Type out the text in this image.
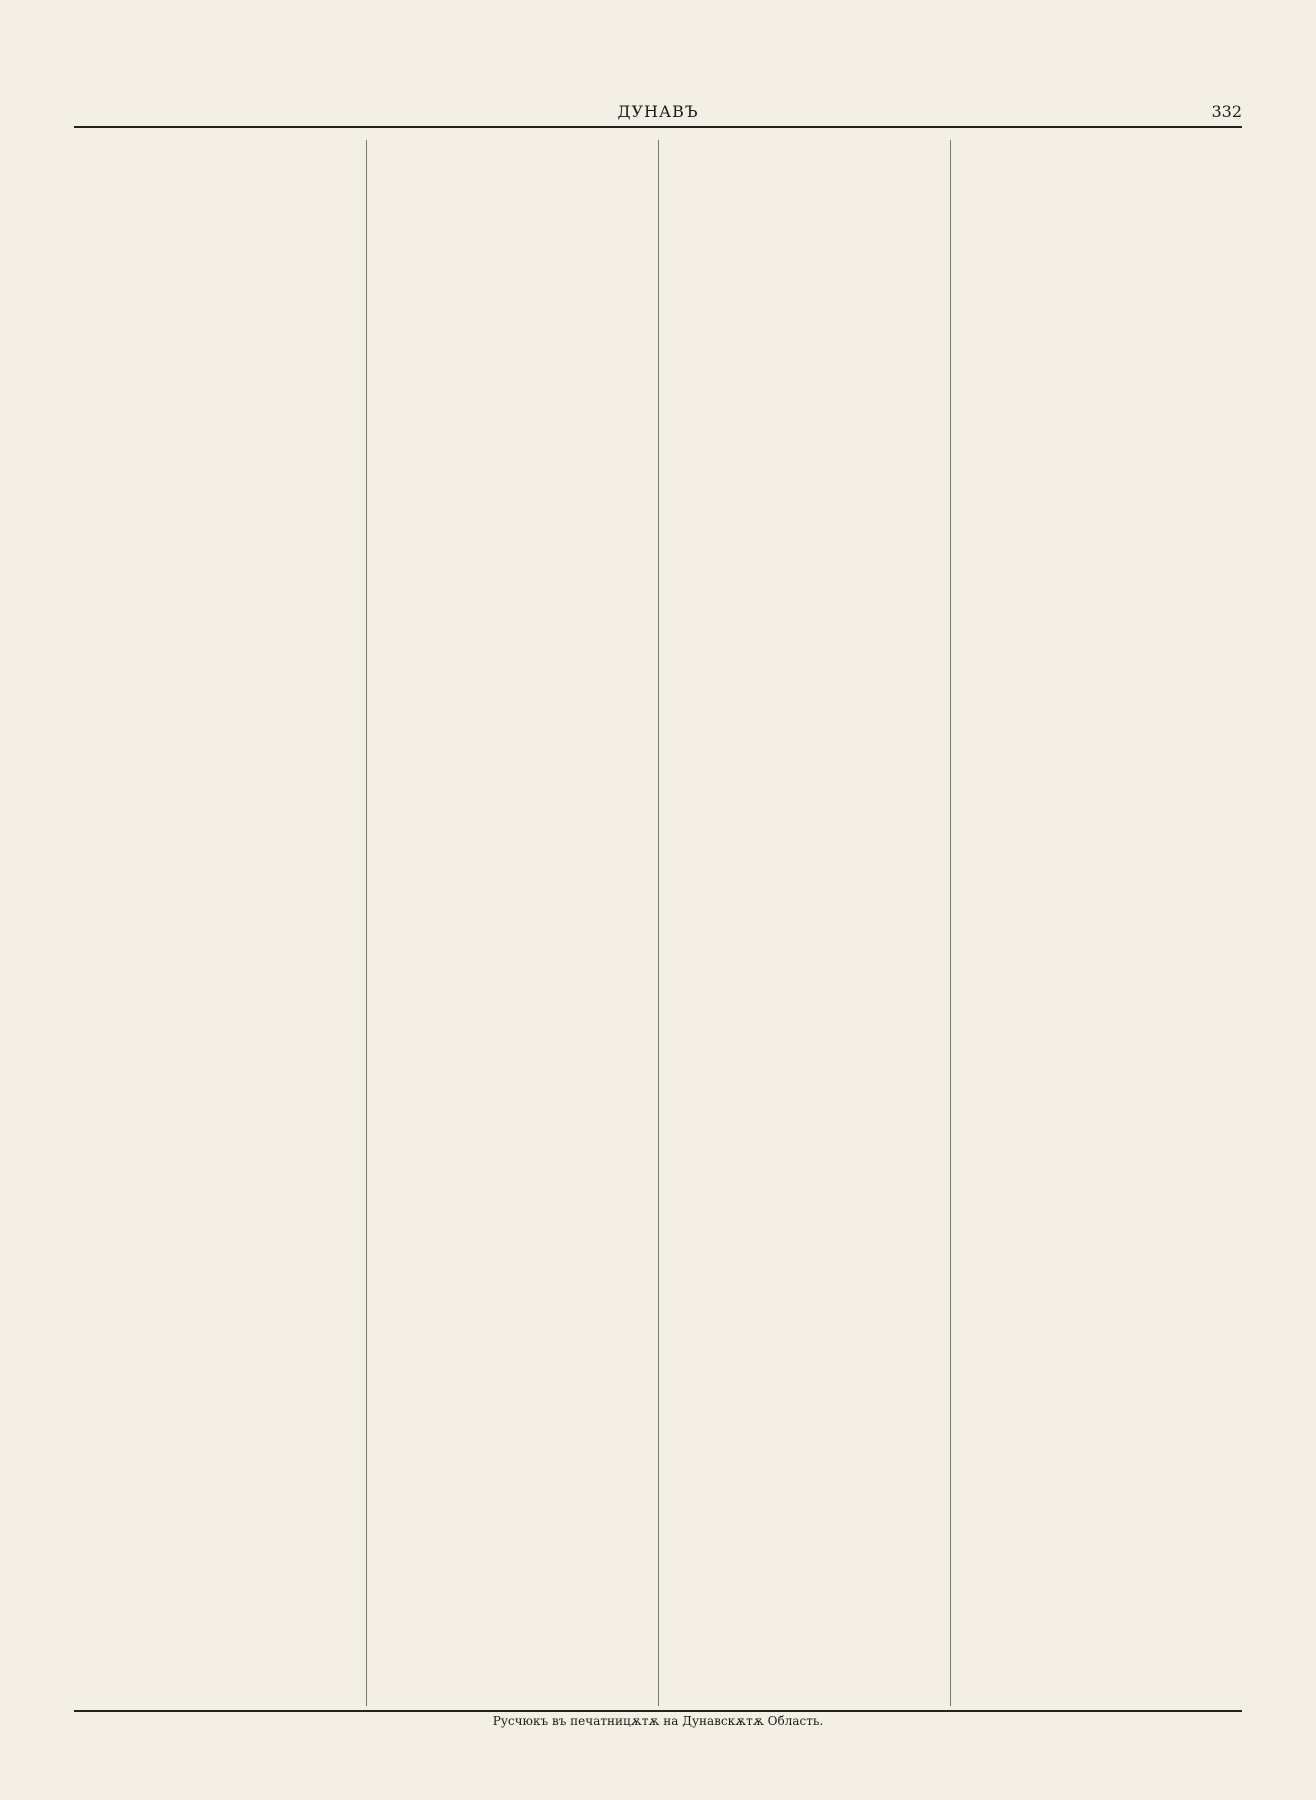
ДУНАВЪ	332
Русчюкъ въ печатницѫтѫ на Дунавскѫтѫ Область.
